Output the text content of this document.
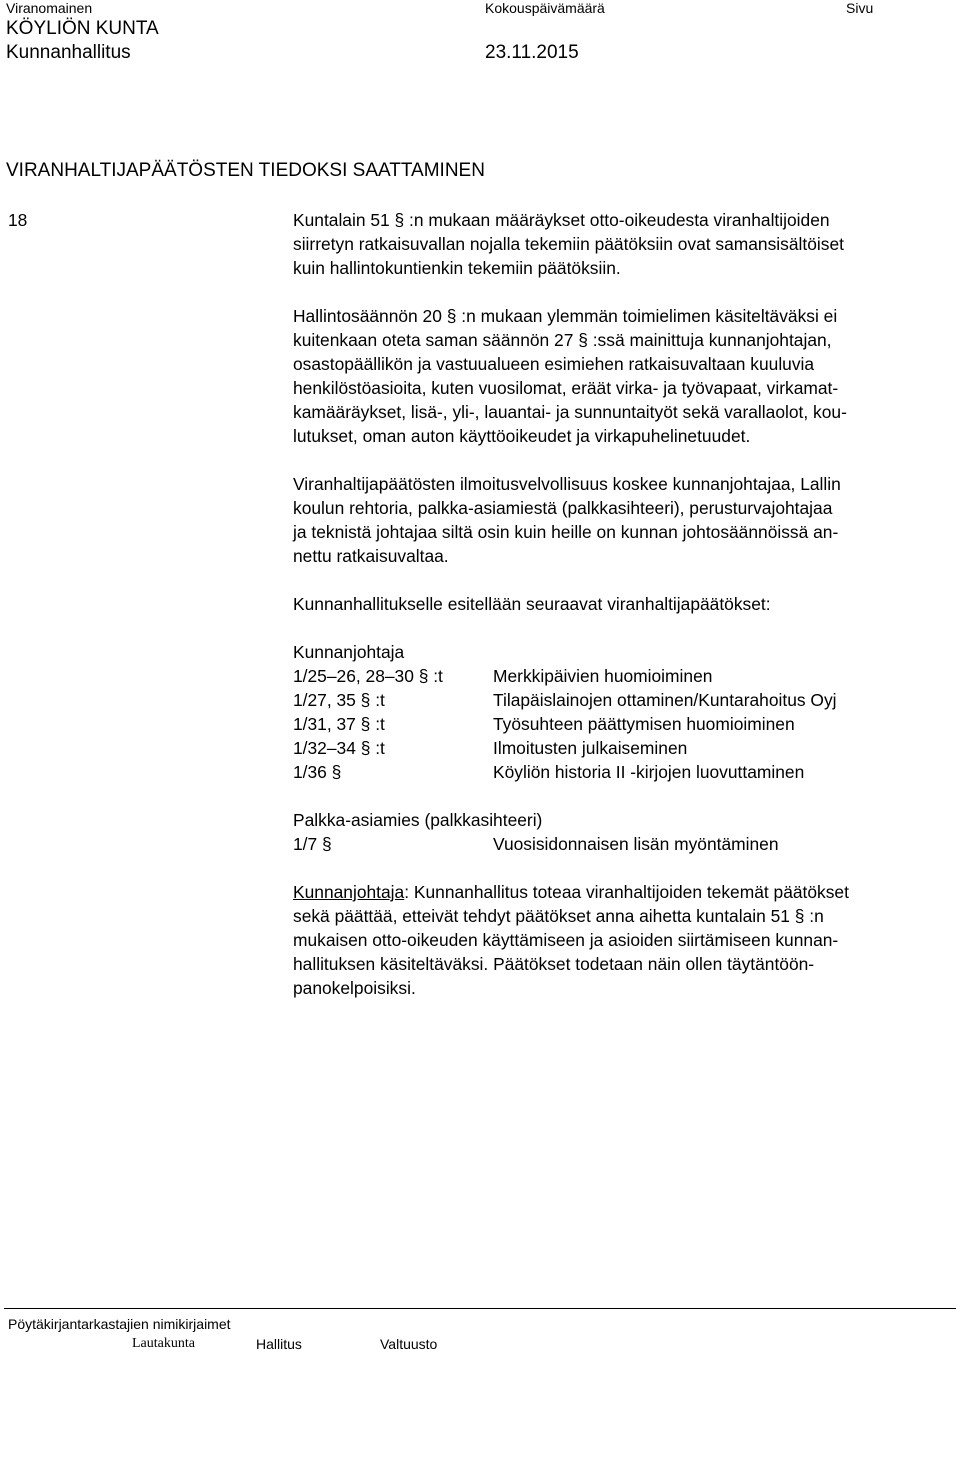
Viranomainen	Kokouspäivämäärä	Sivu
KÖYLIÖN KUNTA
Kunnanhallitus	23.11.2015
VIRANHALTIJAPÄÄTÖSTEN TIEDOKSI SAATTAMINEN
18	Kuntalain 51 § :n mukaan määräykset otto-oikeudesta viranhaltijoiden
siirretyn ratkaisuvallan nojalla tekemiin päätöksiin ovat samansisältöiset
kuin hallintokuntienkin tekemiin päätöksiin.
Hallintosäännön 20 § :n mukaan ylemmän toimielimen käsiteltäväksi ei
kuitenkaan oteta saman säännön 27 § :ssä mainittuja kunnanjohtajan,
osastopäällikön ja vastuualueen esimiehen ratkaisuvaltaan kuuluvia
henkilöstöasioita, kuten vuosilomat, eräät virka- ja työvapaat, virkamat-
kamääräykset, lisä-, yli-, lauantai- ja sunnuntaityöt sekä varallaolot, kou-
lutukset, oman auton käyttöoikeudet ja virkapuhelinetuudet.
Viranhaltijapäätösten ilmoitusvelvollisuus koskee kunnanjohtajaa, Lallin
koulun rehtoria, palkka-asiamiestä (palkkasihteeri), perusturvajohtajaa
ja teknistä johtajaa siltä osin kuin heille on kunnan johtosäännöissä an-
nettu ratkaisuvaltaa.
Kunnanhallitukselle esitellään seuraavat viranhaltijapäätökset:
Kunnanjohtaja
1/25–26, 28–30 § :t	Merkkipäivien huomioiminen
1/27, 35 § :t	Tilapäislainojen ottaminen/Kuntarahoitus Oyj
1/31, 37 § :t	Työsuhteen päättymisen huomioiminen
1/32–34 § :t	Ilmoitusten julkaiseminen
1/36 §	Köyliön historia II -kirjojen luovuttaminen
Palkka-asiamies (palkkasihteeri)
1/7 §	Vuosisidonnaisen lisän myöntäminen
Kunnanjohtaja: Kunnanhallitus toteaa viranhaltijoiden tekemät päätökset
sekä päättää, etteivät tehdyt päätökset anna aihetta kuntalain 51 § :n
mukaisen otto-oikeuden käyttämiseen ja asioiden siirtämiseen kunnan-
hallituksen käsiteltäväksi. Päätökset todetaan näin ollen täytäntöön-
panokelpoisiksi.
Pöytäkirjantarkastajien nimikirjaimet
Lautakunta	Hallitus	Valtuusto
